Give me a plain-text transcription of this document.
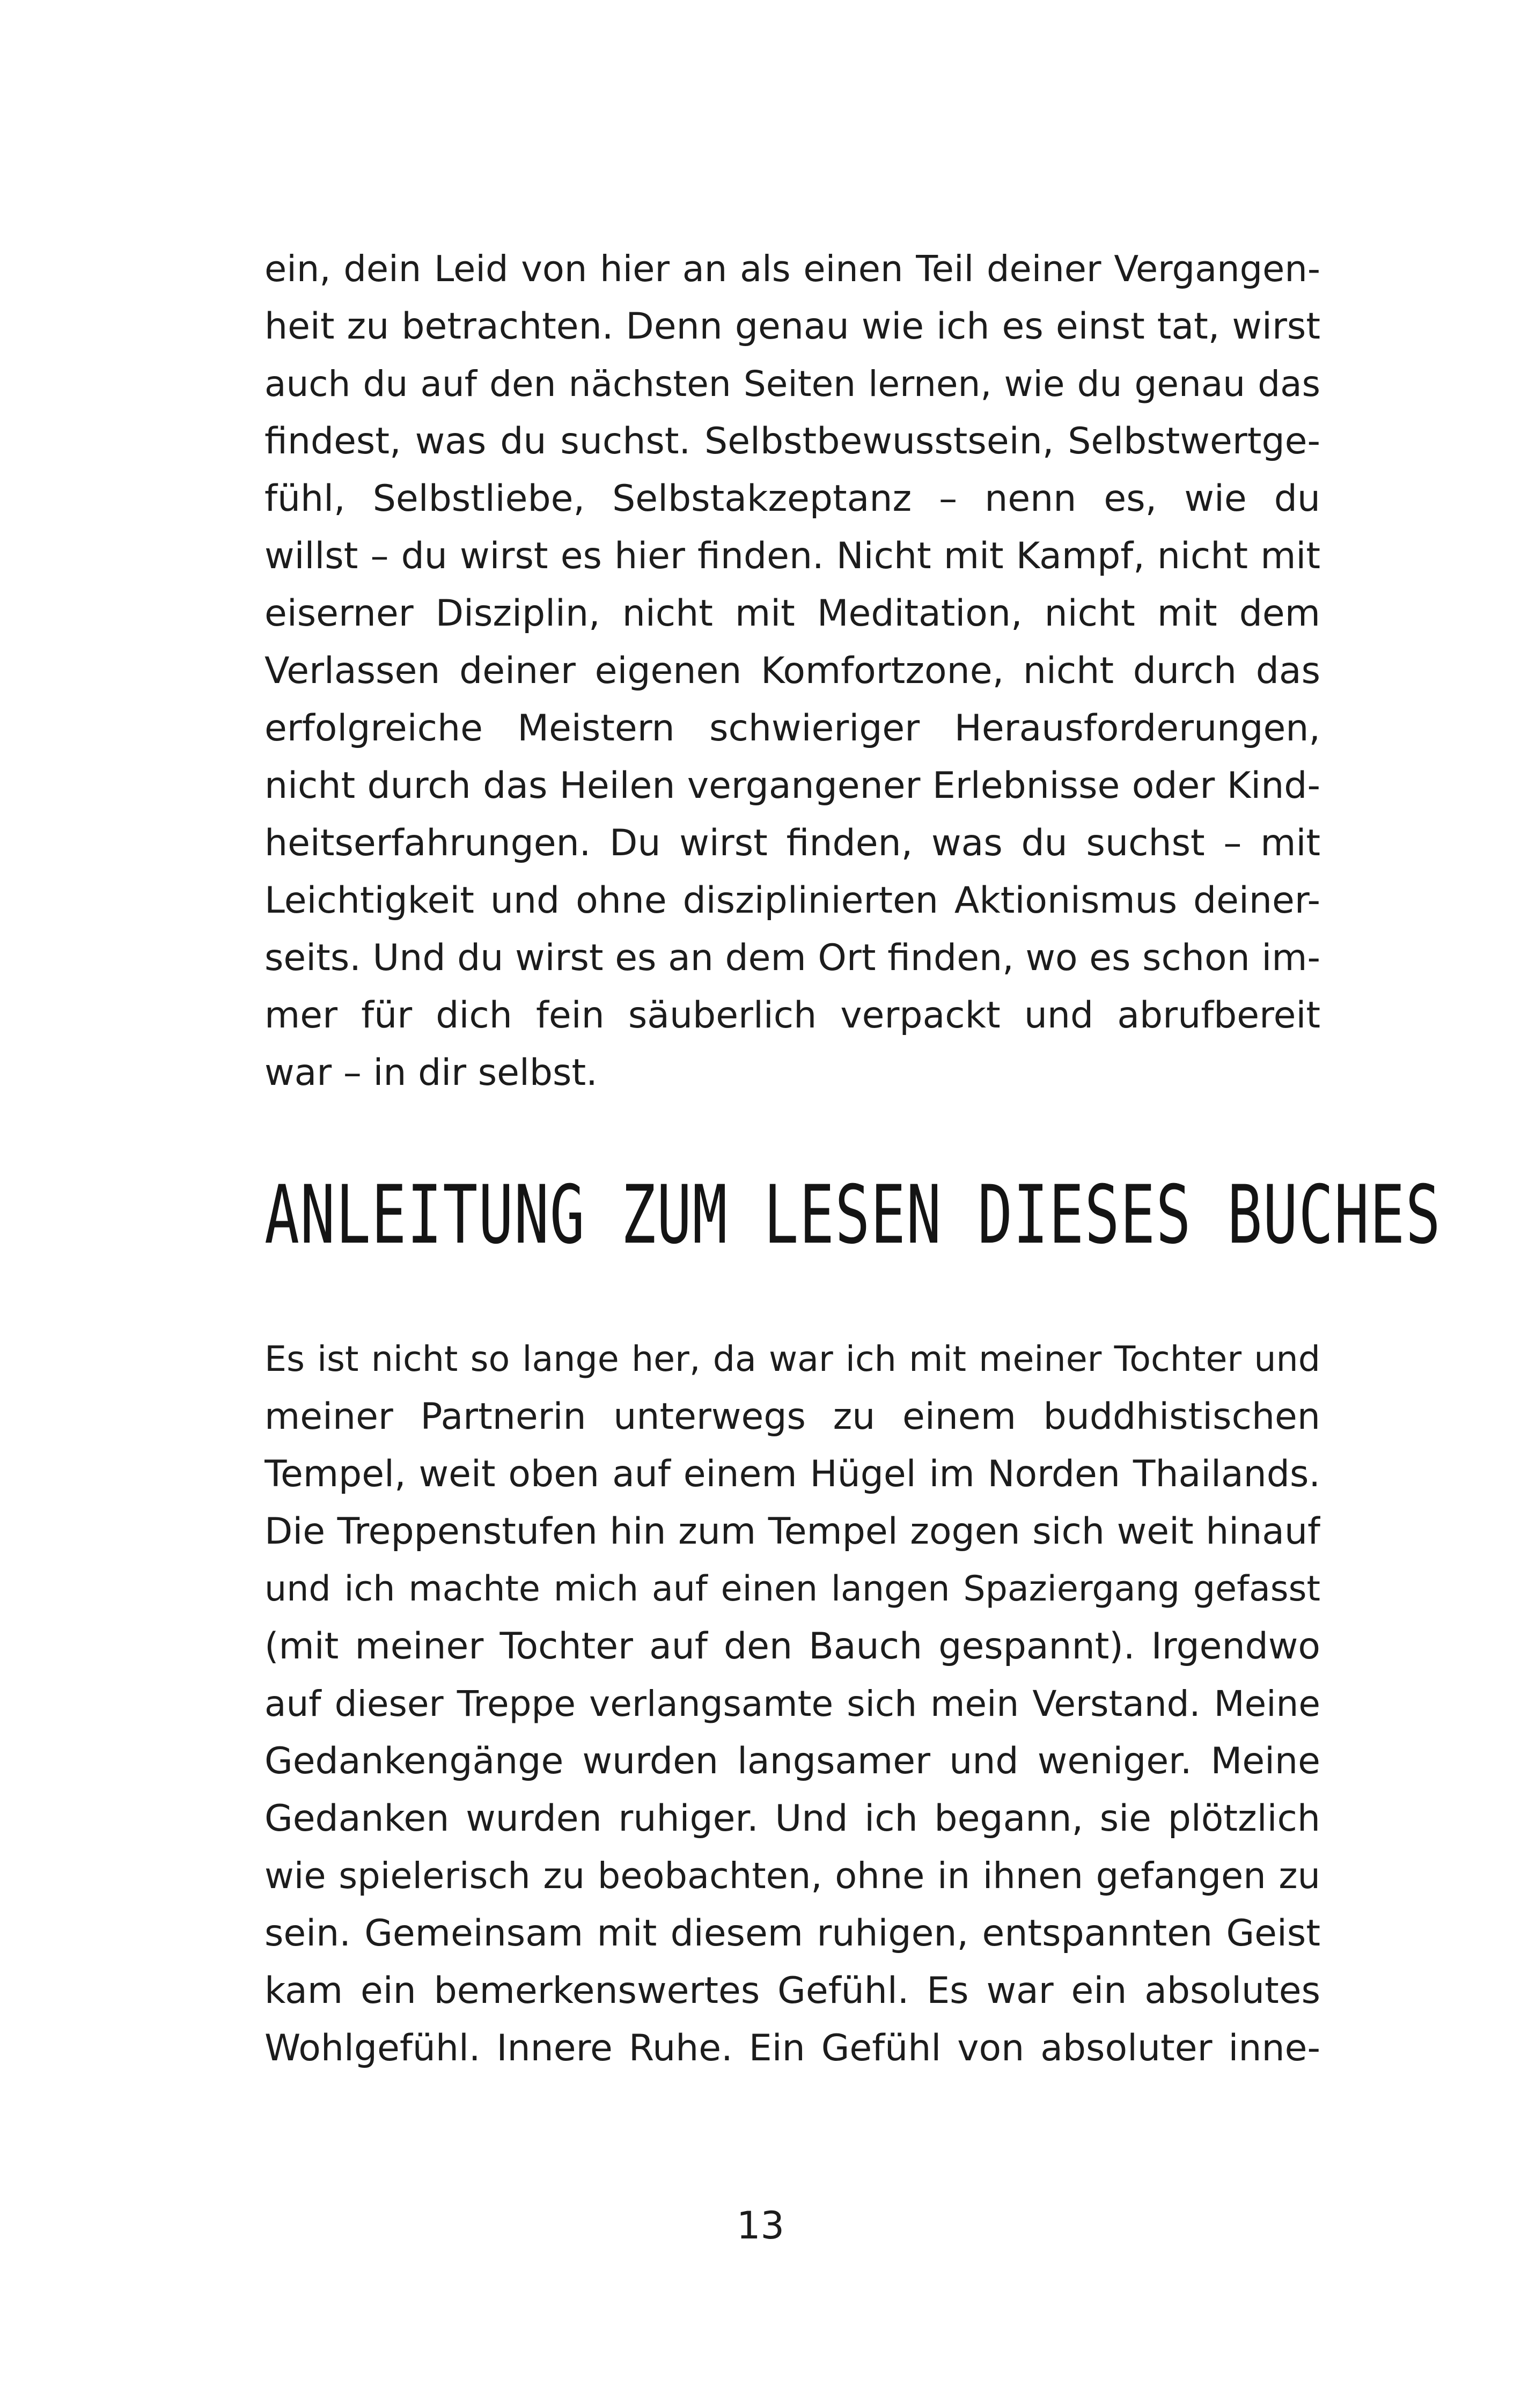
ein, dein Leid von hier an als einen Teil deiner Vergangen-
heit zu betrachten. Denn genau wie ich es einst tat, wirst
auch du auf den nächsten Seiten lernen, wie du genau das
findest, was du suchst. Selbstbewusstsein, Selbstwertge-
fühl, Selbstliebe, Selbstakzeptanz – nenn es, wie du
willst – du wirst es hier finden. Nicht mit Kampf, nicht mit
eiserner Disziplin, nicht mit Meditation, nicht mit dem
Verlassen deiner eigenen Komfortzone, nicht durch das
erfolgreiche Meistern schwieriger Herausforderungen,
nicht durch das Heilen vergangener Erlebnisse oder Kind-
heitserfahrungen. Du wirst finden, was du suchst – mit
Leichtigkeit und ohne disziplinierten Aktionismus deiner-
seits. Und du wirst es an dem Ort finden, wo es schon im-
mer für dich fein säuberlich verpackt und abrufbereit
war – in dir selbst.
ANLEITUNG ZUM LESEN DIESES BUCHES
Es ist nicht so lange her, da war ich mit meiner Tochter und
meiner Partnerin unterwegs zu einem buddhistischen
Tempel, weit oben auf einem Hügel im Norden Thailands.
Die Treppenstufen hin zum Tempel zogen sich weit hinauf
und ich machte mich auf einen langen Spaziergang gefasst
(mit meiner Tochter auf den Bauch gespannt). Irgendwo
auf dieser Treppe verlangsamte sich mein Verstand. Meine
Gedankengänge wurden langsamer und weniger. Meine
Gedanken wurden ruhiger. Und ich begann, sie plötzlich
wie spielerisch zu beobachten, ohne in ihnen gefangen zu
sein. Gemeinsam mit diesem ruhigen, entspannten Geist
kam ein bemerkenswertes Gefühl. Es war ein absolutes
Wohlgefühl. Innere Ruhe. Ein Gefühl von absoluter inne-
13
